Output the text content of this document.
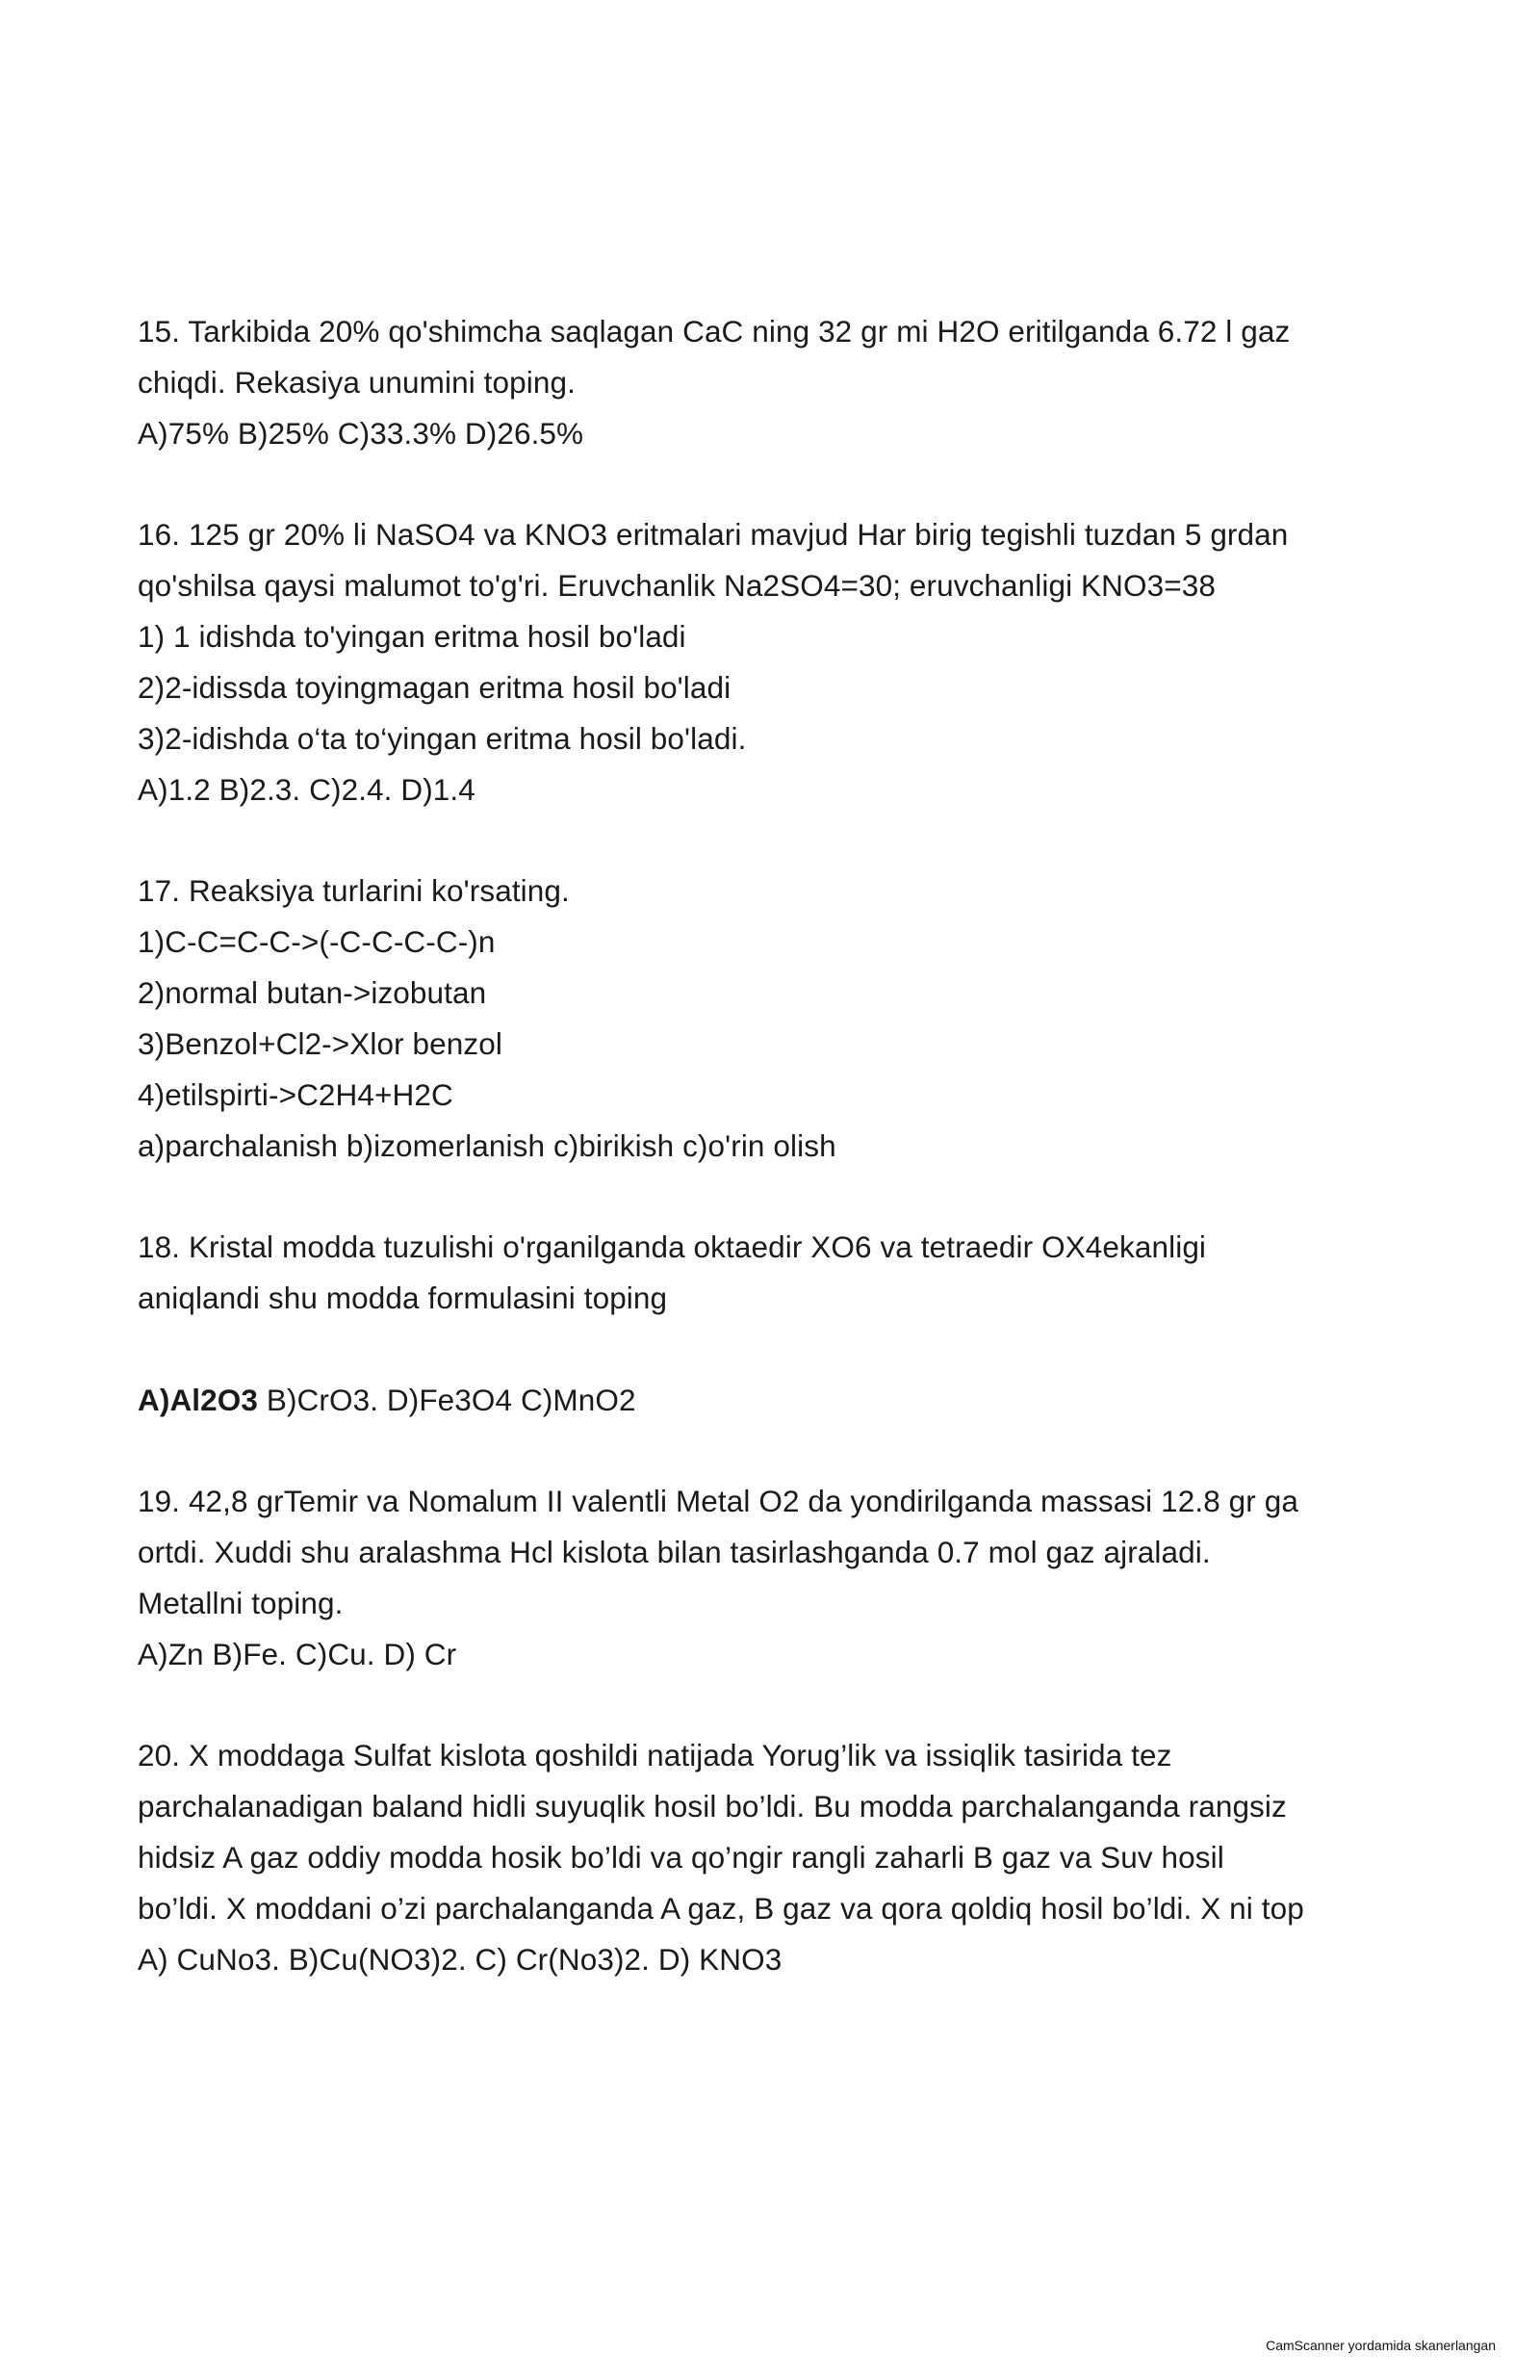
15. Tarkibida 20% qo'shimcha saqlagan CaC ning 32 gr mi H2O eritilganda 6.72 l gaz
chiqdi. Rekasiya unumini toping.
A)75% B)25% C)33.3% D)26.5%
16. 125 gr 20% li NaSO4 va KNO3 eritmalari mavjud Har birig tegishli tuzdan 5 grdan
qo'shilsa qaysi malumot to'g'ri. Eruvchanlik Na2SO4=30; eruvchanligi KNO3=38
1) 1 idishda to'yingan eritma hosil bo'ladi
2)2-idissda toyingmagan eritma hosil bo'ladi
3)2-idishda o‘ta to‘yingan eritma hosil bo'ladi.
A)1.2 B)2.3. C)2.4. D)1.4
17. Reaksiya turlarini ko'rsating.
1)C-C=C-C->(-C-C-C-C-)n
2)normal butan->izobutan
3)Benzol+Cl2->Xlor benzol
4)etilspirti->C2H4+H2C
a)parchalanish b)izomerlanish c)birikish c)o'rin olish
18. Kristal modda tuzulishi o'rganilganda oktaedir XO6 va tetraedir OX4ekanligi
aniqlandi shu modda formulasini toping
A)Al2O3 B)CrO3. D)Fe3O4 C)MnO2
19. 42,8 grTemir va Nomalum II valentli Metal O2 da yondirilganda massasi 12.8 gr ga
ortdi. Xuddi shu aralashma Hcl kislota bilan tasirlashganda 0.7 mol gaz ajraladi.
Metallni toping.
A)Zn B)Fe. C)Cu. D) Cr
20. X moddaga Sulfat kislota qoshildi natijada Yorug’lik va issiqlik tasirida tez
parchalanadigan baland hidli suyuqlik hosil bo’ldi. Bu modda parchalanganda rangsiz
hidsiz A gaz oddiy modda hosik bo’ldi va qo’ngir rangli zaharli B gaz va Suv hosil
bo’ldi. X moddani o’zi parchalanganda A gaz, B gaz va qora qoldiq hosil bo’ldi. X ni top
A) CuNo3. B)Cu(NO3)2. C) Cr(No3)2. D) KNO3
CamScanner yordamida skanerlangan
